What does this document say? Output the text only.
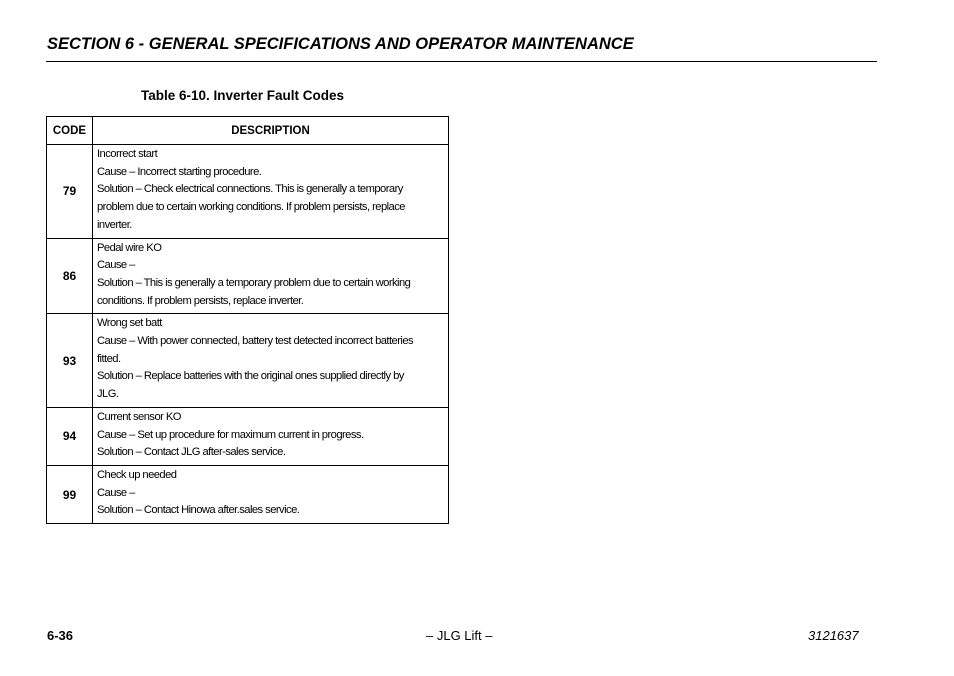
SECTION 6 - GENERAL SPECIFICATIONS AND OPERATOR MAINTENANCE
Table 6-10. Inverter Fault Codes
CODE	DESCRIPTION
79	Incorrect start
Cause – Incorrect starting procedure.
Solution – Check electrical connections. This is generally a temporary
problem due to certain working conditions. If problem persists, replace
inverter.

86	Pedal wire KO
Cause –
Solution – This is generally a temporary problem due to certain working
conditions. If problem persists, replace inverter.

93	Wrong set batt
Cause – With power connected, battery test detected incorrect batteries
fitted.
Solution – Replace batteries with the original ones supplied directly by
JLG.

94	Current sensor KO
Cause – Set up procedure for maximum current in progress.
Solution – Contact JLG after-sales service.

99	Check up needed
Cause –
Solution – Contact Hinowa after.sales service.
6-36	– JLG Lift –	3121637
